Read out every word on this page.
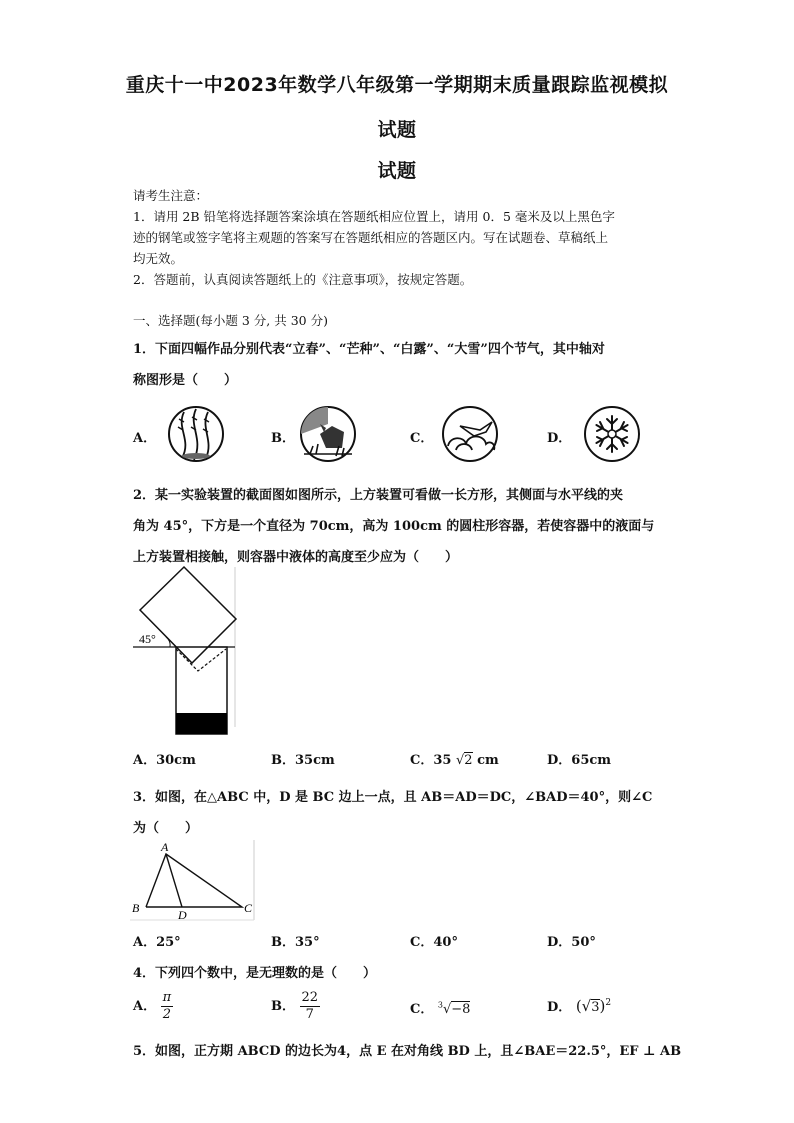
重庆十一中2023年数学八年级第一学期期末质量跟踪监视模拟
试题
试题
请考生注意：
1．请用 2B 铅笔将选择题答案涂填在答题纸相应位置上，请用 0．5 毫米及以上黑色字
迹的钢笔或签字笔将主观题的答案写在答题纸相应的答题区内。写在试题卷、草稿纸上
均无效。
2．答题前，认真阅读答题纸上的《注意事项》，按规定答题。
一、选择题(每小题 3 分, 共 30 分)
1．下面四幅作品分别代表“立春”、“芒种”、“白露”、“大雪”四个节气，其中轴对
称图形是（　　）
A．	B．	C．	D．
2．某一实验装置的截面图如图所示，上方装置可看做一长方形，其侧面与水平线的夹
角为 45°，下方是一个直径为 70cm，高为 100cm 的圆柱形容器，若使容器中的液面与
上方装置相接触，则容器中液体的高度至少应为（　　）
45°
A．30cm	B．35cm	C．35 √2 cm	D．65cm
3．如图，在△ABC 中，D 是 BC 边上一点，且 AB＝AD＝DC，∠BAD＝40°，则∠C
为（　　）
A
B	D	C
A．25°	B．35°	C．40°	D．50°
4．下列四个数中，是无理数的是（　　）
A． $\frac{\pi}{2}$	B． $\frac{22}{7}$	C． $^3$√−8	D． $(√3)^2$
5．如图，正方期 ABCD 的边长为4，点 E 在对角线 BD 上，且∠BAE＝22.5°，EF ⊥ AB
